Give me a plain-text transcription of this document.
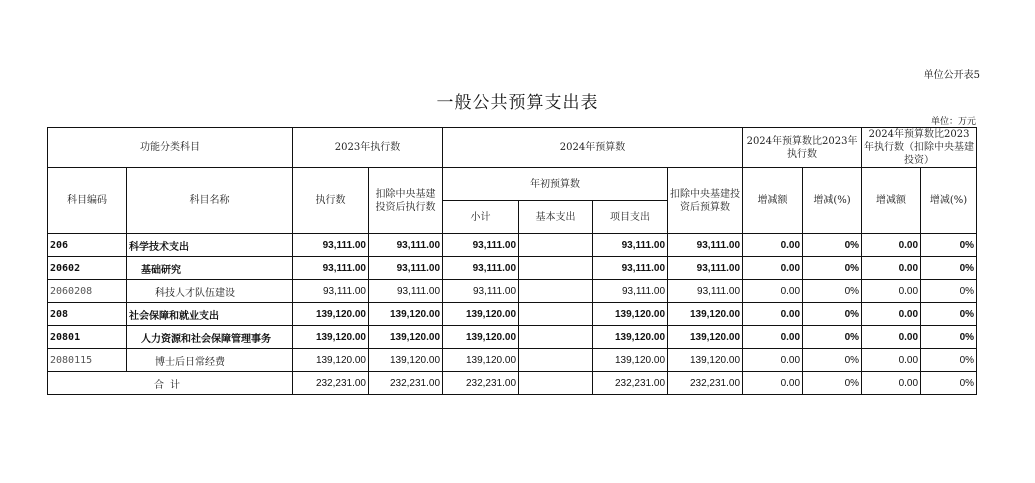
单位公开表5
一般公共预算支出表
单位：万元
功能分类科目		2023年执行数		2024年预算数				2024年预算数比2023年执行数		2024年预算数比2023年执行数（扣除中央基建投资）	
科目编码	科目名称	执行数	扣除中央基建投资后执行数	年初预算数			扣除中央基建投资后预算数	增减额	增减(%)	增减额	增减(%)
				小计	基本支出	项目支出					
206	科学技术支出	93,111.00	93,111.00	93,111.00		93,111.00	93,111.00	0.00	0%	0.00	0%
20602	基础研究	93,111.00	93,111.00	93,111.00		93,111.00	93,111.00	0.00	0%	0.00	0%
2060208	科技人才队伍建设	93,111.00	93,111.00	93,111.00		93,111.00	93,111.00	0.00	0%	0.00	0%
208	社会保障和就业支出	139,120.00	139,120.00	139,120.00		139,120.00	139,120.00	0.00	0%	0.00	0%
20801	人力资源和社会保障管理事务	139,120.00	139,120.00	139,120.00		139,120.00	139,120.00	0.00	0%	0.00	0%
2080115	博士后日常经费	139,120.00	139,120.00	139,120.00		139,120.00	139,120.00	0.00	0%	0.00	0%
合计		232,231.00	232,231.00	232,231.00		232,231.00	232,231.00	0.00	0%	0.00	0%
